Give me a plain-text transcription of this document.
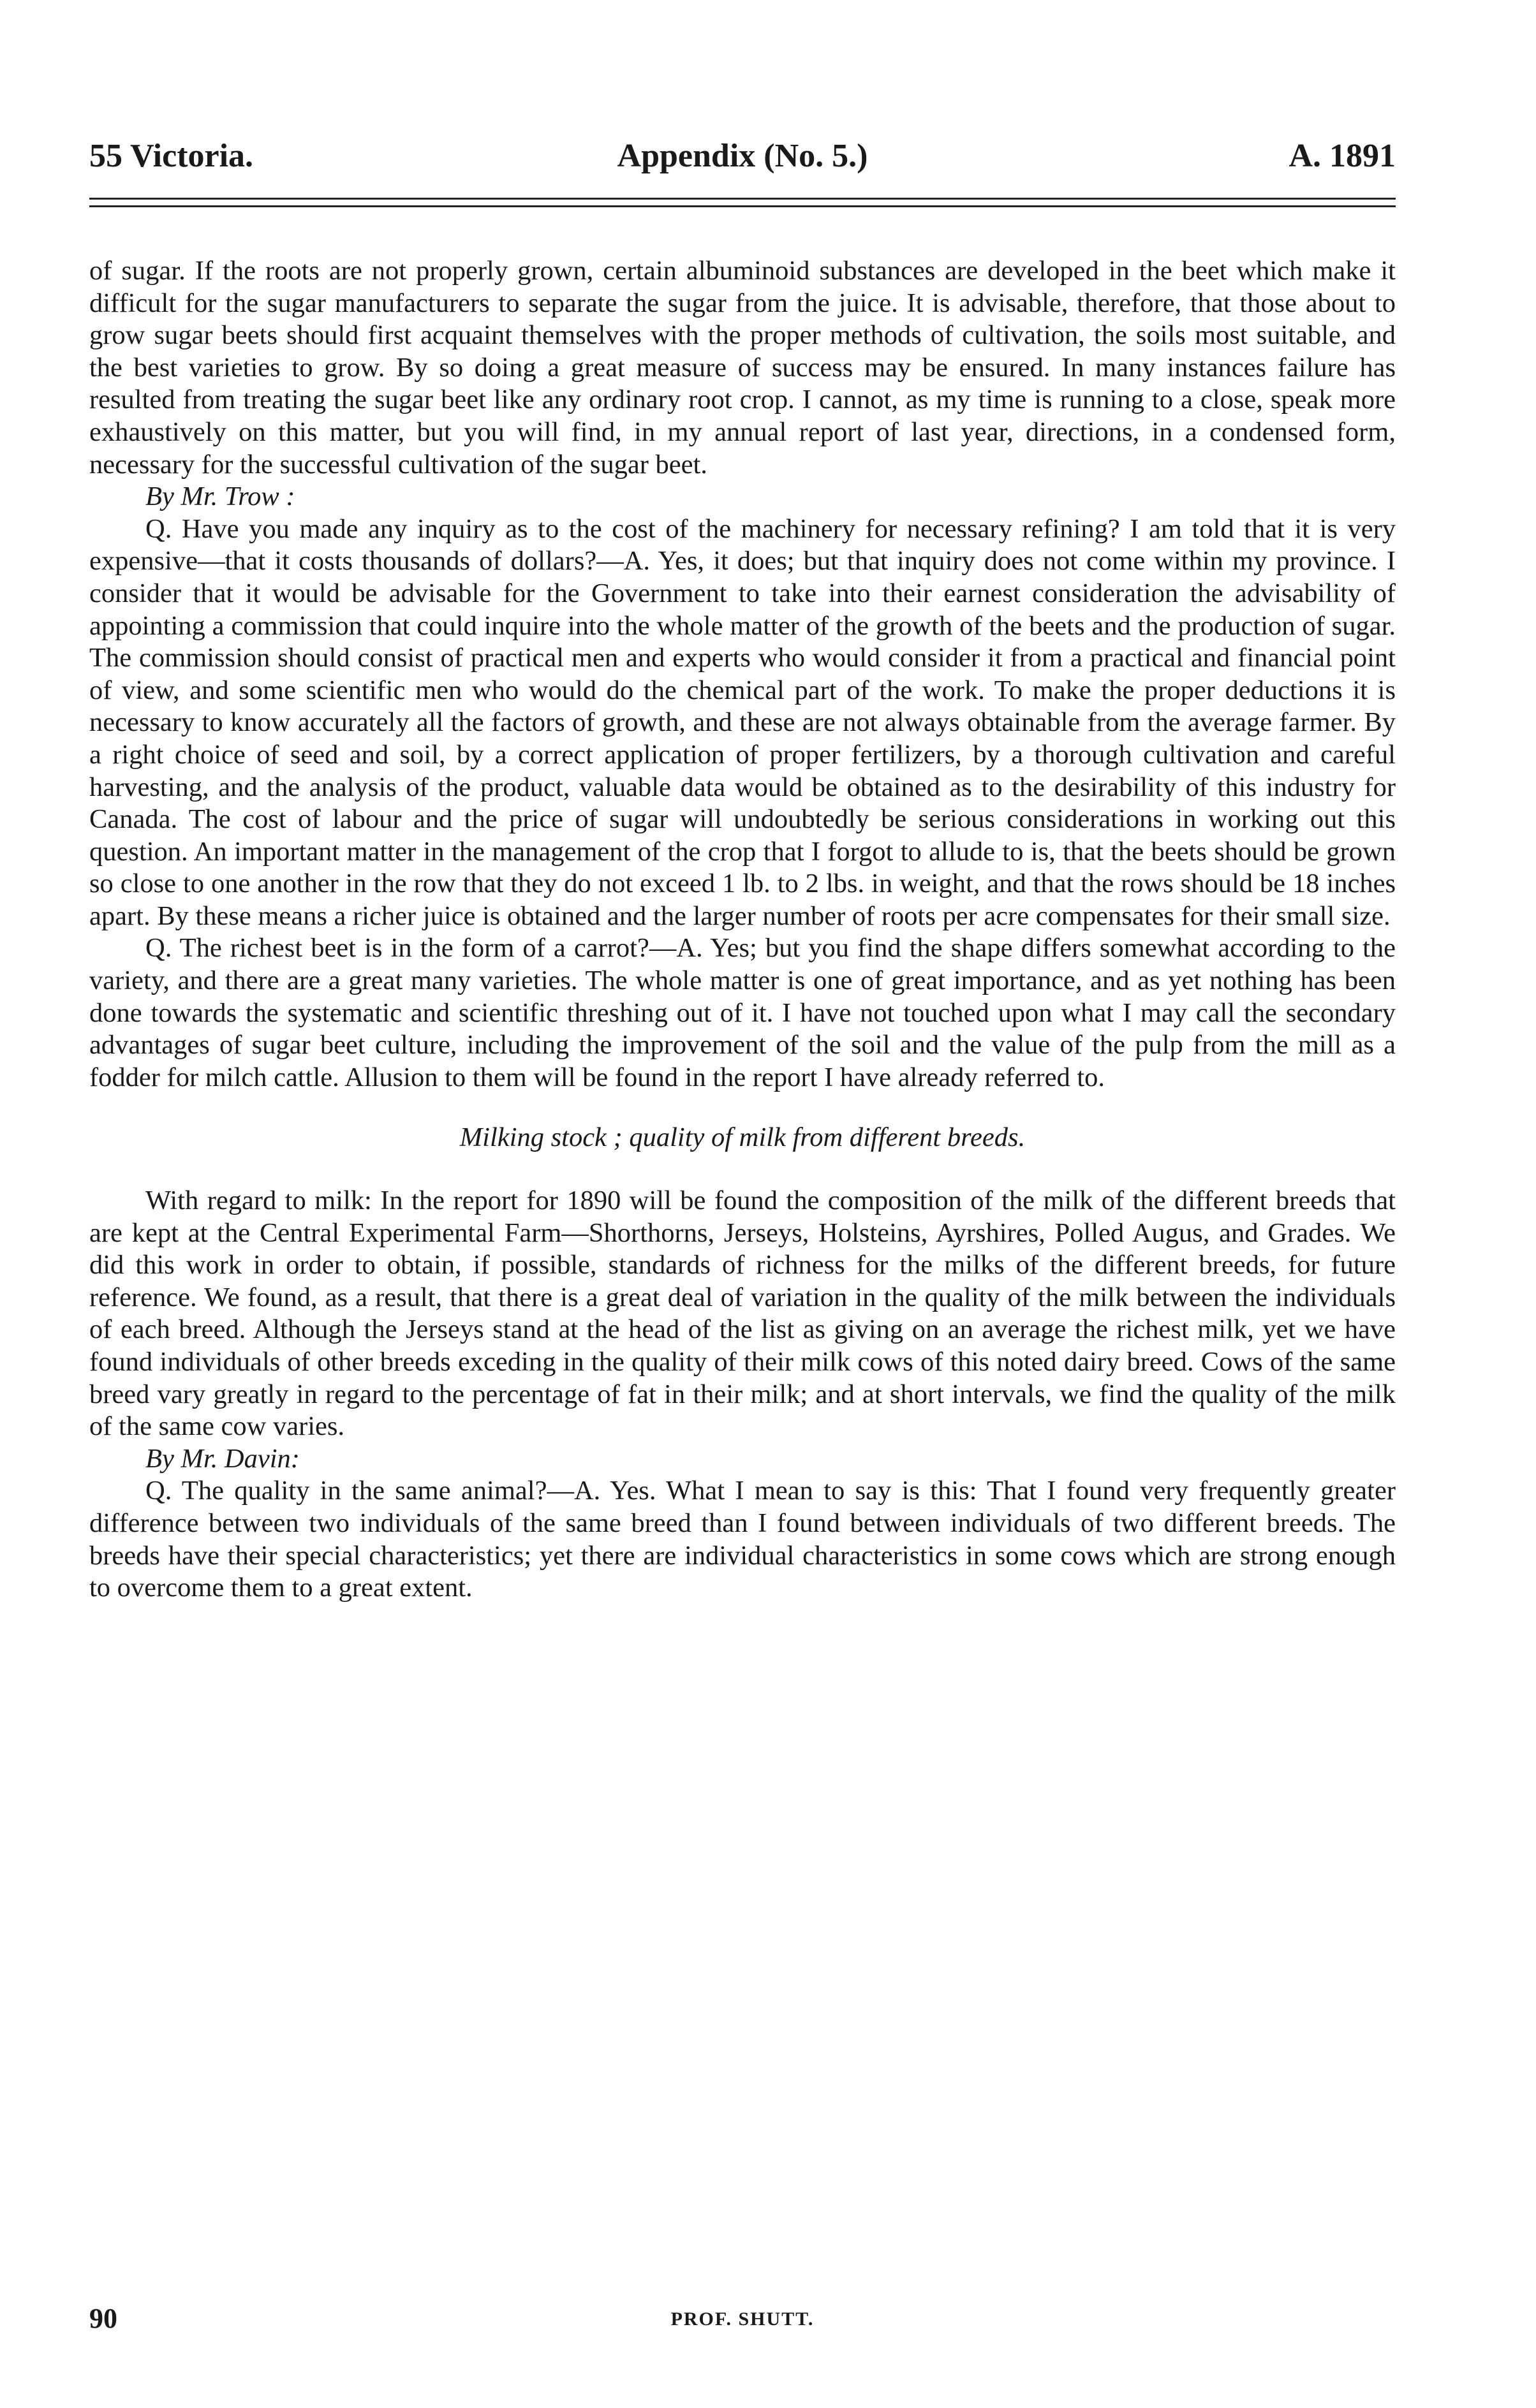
55 Victoria.	Appendix (No. 5.)	A. 1891

of sugar. If the roots are not properly grown, certain albuminoid substances are developed in the beet which make it difficult for the sugar manufacturers to separate the sugar from the juice. It is advisable, therefore, that those about to grow sugar beets should first acquaint themselves with the proper methods of cultivation, the soils most suitable, and the best varieties to grow. By so doing a great measure of success may be ensured. In many instances failure has resulted from treating the sugar beet like any ordinary root crop. I cannot, as my time is running to a close, speak more exhaustively on this matter, but you will find, in my annual report of last year, directions, in a condensed form, necessary for the successful cultivation of the sugar beet.

By Mr. Trow :

Q. Have you made any inquiry as to the cost of the machinery for necessary refining? I am told that it is very expensive—that it costs thousands of dollars?—A. Yes, it does; but that inquiry does not come within my province. I consider that it would be advisable for the Government to take into their earnest consideration the advisability of appointing a commission that could inquire into the whole matter of the growth of the beets and the production of sugar. The commission should consist of practical men and experts who would consider it from a practical and financial point of view, and some scientific men who would do the chemical part of the work. To make the proper deductions it is necessary to know accurately all the factors of growth, and these are not always obtainable from the average farmer. By a right choice of seed and soil, by a correct application of proper fertilizers, by a thorough cultivation and careful harvesting, and the analysis of the product, valuable data would be obtained as to the desirability of this industry for Canada. The cost of labour and the price of sugar will undoubtedly be serious considerations in working out this question. An important matter in the management of the crop that I forgot to allude to is, that the beets should be grown so close to one another in the row that they do not exceed 1 lb. to 2 lbs. in weight, and that the rows should be 18 inches apart. By these means a richer juice is obtained and the larger number of roots per acre compensates for their small size.

Q. The richest beet is in the form of a carrot?—A. Yes; but you find the shape differs somewhat according to the variety, and there are a great many varieties. The whole matter is one of great importance, and as yet nothing has been done towards the systematic and scientific threshing out of it. I have not touched upon what I may call the secondary advantages of sugar beet culture, including the improvement of the soil and the value of the pulp from the mill as a fodder for milch cattle. Allusion to them will be found in the report I have already referred to.

Milking stock ; quality of milk from different breeds.

With regard to milk: In the report for 1890 will be found the composition of the milk of the different breeds that are kept at the Central Experimental Farm—Shorthorns, Jerseys, Holsteins, Ayrshires, Polled Augus, and Grades. We did this work in order to obtain, if possible, standards of richness for the milks of the different breeds, for future reference. We found, as a result, that there is a great deal of variation in the quality of the milk between the individuals of each breed. Although the Jerseys stand at the head of the list as giving on an average the richest milk, yet we have found individuals of other breeds exceding in the quality of their milk cows of this noted dairy breed. Cows of the same breed vary greatly in regard to the percentage of fat in their milk; and at short intervals, we find the quality of the milk of the same cow varies.

By Mr. Davin:

Q. The quality in the same animal?—A. Yes. What I mean to say is this: That I found very frequently greater difference between two individuals of the same breed than I found between individuals of two different breeds. The breeds have their special characteristics; yet there are individual characteristics in some cows which are strong enough to overcome them to a great extent.

90	PROF. SHUTT.
